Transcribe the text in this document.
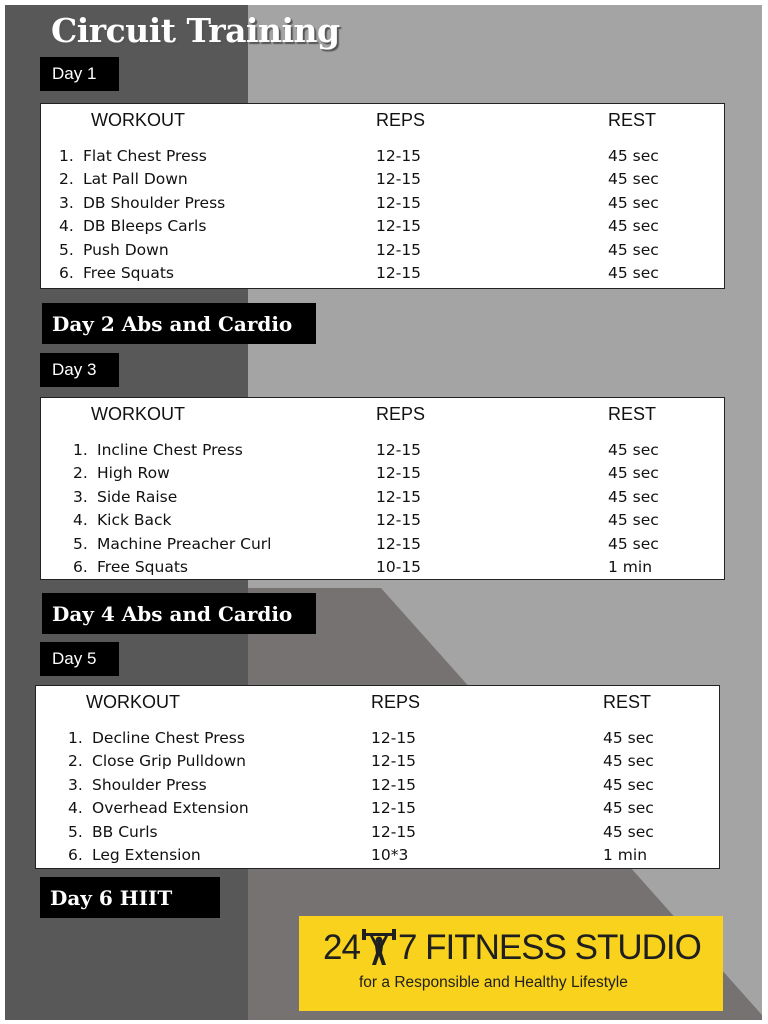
Circuit Training
Day 1
WORKOUT	REPS	REST
1. Flat Chest Press	12-15	45 sec
2. Lat Pall Down	12-15	45 sec
3. DB Shoulder Press	12-15	45 sec
4. DB Bleeps Carls	12-15	45 sec
5. Push Down	12-15	45 sec
6. Free Squats	12-15	45 sec
Day 2 Abs and Cardio
Day 3
WORKOUT	REPS	REST
1. Incline Chest Press	12-15	45 sec
2. High Row	12-15	45 sec
3. Side Raise	12-15	45 sec
4. Kick Back	12-15	45 sec
5. Machine Preacher Curl	12-15	45 sec
6. Free Squats	10-15	1 min
Day 4 Abs and Cardio
Day 5
WORKOUT	REPS	REST
1. Decline Chest Press	12-15	45 sec
2. Close Grip Pulldown	12-15	45 sec
3. Shoulder Press	12-15	45 sec
4. Overhead Extension	12-15	45 sec
5. BB Curls	12-15	45 sec
6. Leg Extension	10*3	1 min
Day 6 HIIT
24 7 FITNESS STUDIO
for a Responsible and Healthy Lifestyle
